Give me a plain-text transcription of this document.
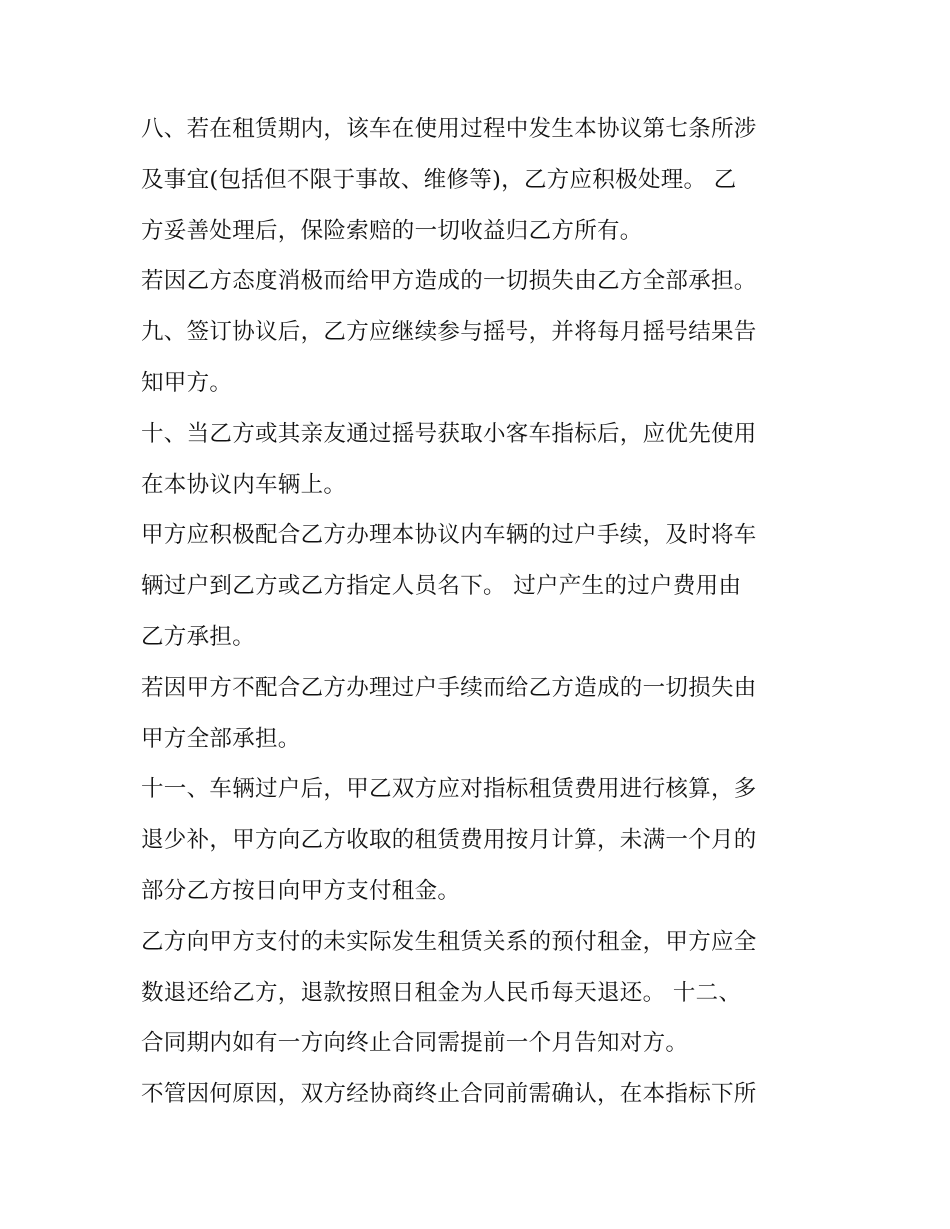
八、若在租赁期内，该车在使用过程中发生本协议第七条所涉
及事宜(包括但不限于事故、维修等)，乙方应积极处理。 乙
方妥善处理后，保险索赔的一切收益归乙方所有。
若因乙方态度消极而给甲方造成的一切损失由乙方全部承担。
九、签订协议后，乙方应继续参与摇号，并将每月摇号结果告
知甲方。
十、当乙方或其亲友通过摇号获取小客车指标后，应优先使用
在本协议内车辆上。
甲方应积极配合乙方办理本协议内车辆的过户手续，及时将车
辆过户到乙方或乙方指定人员名下。 过户产生的过户费用由
乙方承担。
若因甲方不配合乙方办理过户手续而给乙方造成的一切损失由
甲方全部承担。
十一、车辆过户后，甲乙双方应对指标租赁费用进行核算，多
退少补，甲方向乙方收取的租赁费用按月计算，未满一个月的
部分乙方按日向甲方支付租金。
乙方向甲方支付的未实际发生租赁关系的预付租金，甲方应全
数退还给乙方，退款按照日租金为人民币每天退还。 十二、
合同期内如有一方向终止合同需提前一个月告知对方。
不管因何原因，双方经协商终止合同前需确认，在本指标下所
